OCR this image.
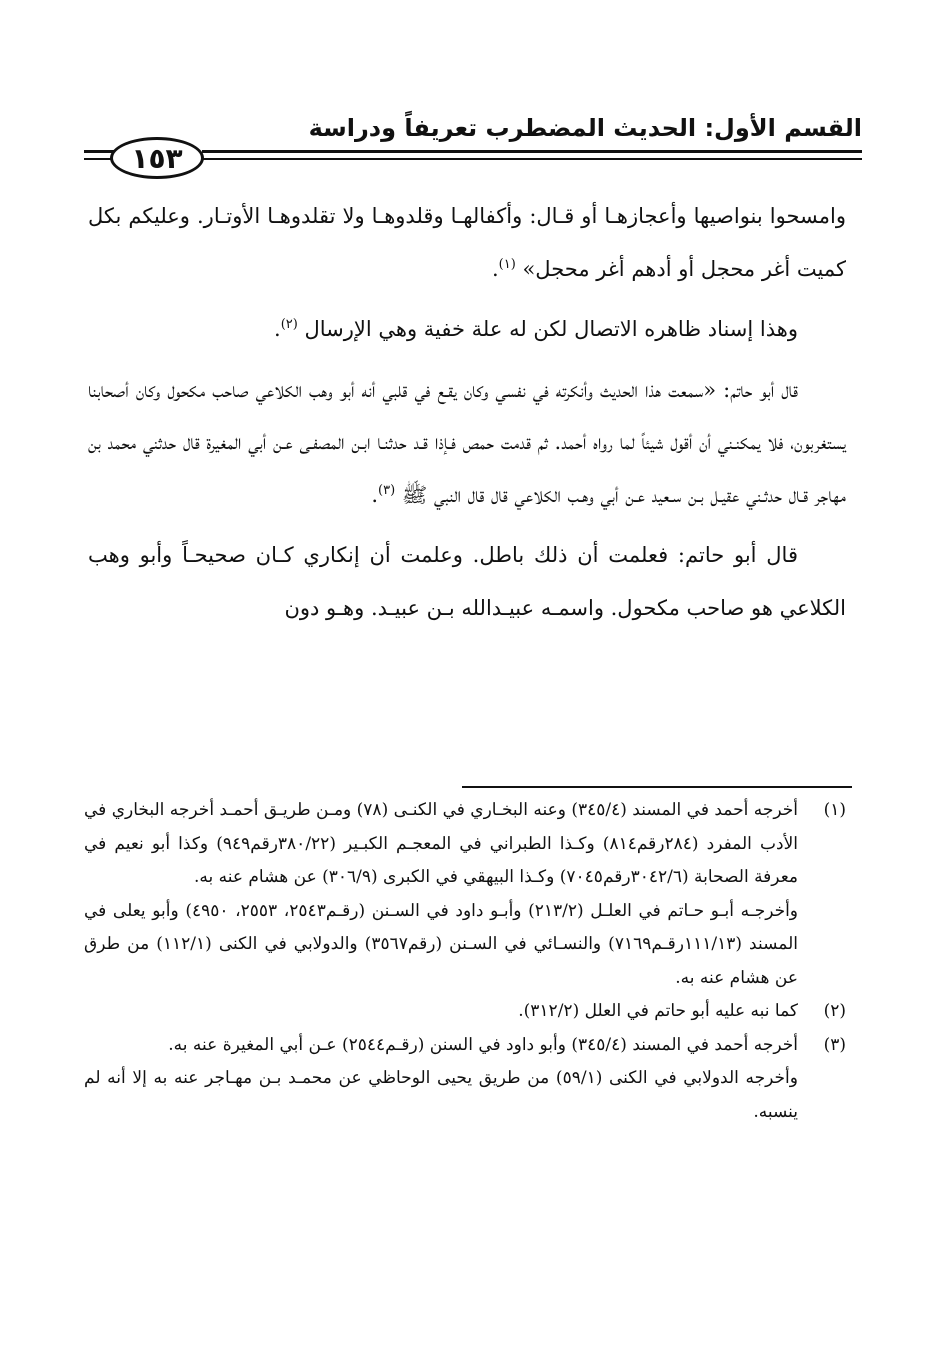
القسم الأول: الحديث المضطرب تعريفاً ودراسة
١٥٣

وامسحوا بنواصيها وأعجازهـا أو قـال: وأكفالهـا وقلدوهـا ولا تقلدوهـا الأوتـار. وعليكم بكل كميت أغر محجل أو أدهم أغر محجل» $^{(١)}$.

وهذا إسناد ظاهره الاتصال لكن له علة خفية وهي الإرسال $^{(٢)}$.

قال أبو حاتم: «سمعت هذا الحديث وأنكرته في نفسي وكان يقـع في قلبي أنه أبو وهب الكلاعي صاحب مكحول وكان أصحابنا يستغربون، فلا يمكنـني أن أقول شيئاً لما رواه أحمد. ثم قدمت حمص فـإذا قـد حدثنـا ابـن المصفـى عـن أبي المغيرة قال حدثني محمد بن مهاجر قـال حدثـني عقيـل بـن سـعيد عـن أبي وهـب الكلاعي قال قال النبي ﷺ $^{(٣)}$.

قال أبو حاتم: فعلمت أن ذلك باطل. وعلمت أن إنكاري كـان صحيحـاً وأبو وهب الكلاعي هو صاحب مكحول. واسمـه عبيـدالله بـن عبيـد. وهـو دون

(١)

أخرجه أحمد في المسند (٣٤٥/٤) وعنه البخـاري في الكنـى (٧٨) ومـن طريـق أحمـد أخرجه البخاري في الأدب المفرد (٢٨٤رقم٨١٤) وكـذا الطبراني في المعجـم الكبـير (٣٨٠/٢٢رقم٩٤٩) وكذا أبو نعيم في معرفة الصحابة (٣٠٤٢/٦رقم٧٠٤٥) وكـذا البيهقي في الكبرى (٣٠٦/٩) عن هشام عنه به.

وأخرجـه أبـو حـاتم في العلـل (٢١٣/٢) وأبـو داود في السـنن (رقـم٢٥٤٣، ٢٥٥٣، ٤٩٥٠) وأبو يعلى في المسند (١١١/١٣رقـم٧١٦٩) والنسـائي في السـنن (رقم٣٥٦٧) والدولابي في الكنى (١١٢/١) من طرق عن هشام عنه به.

(٢)

كما نبه عليه أبو حاتم في العلل (٣١٢/٢).

(٣)

أخرجه أحمد في المسند (٣٤٥/٤) وأبو داود في السنن (رقـم٢٥٤٤) عـن أبي المغيرة عنه به.

وأخرجه الدولابي في الكنى (٥٩/١) من طريق يحيى الوحاظي عن محمـد بـن مهـاجر عنه به إلا أنه لم ينسبه.
